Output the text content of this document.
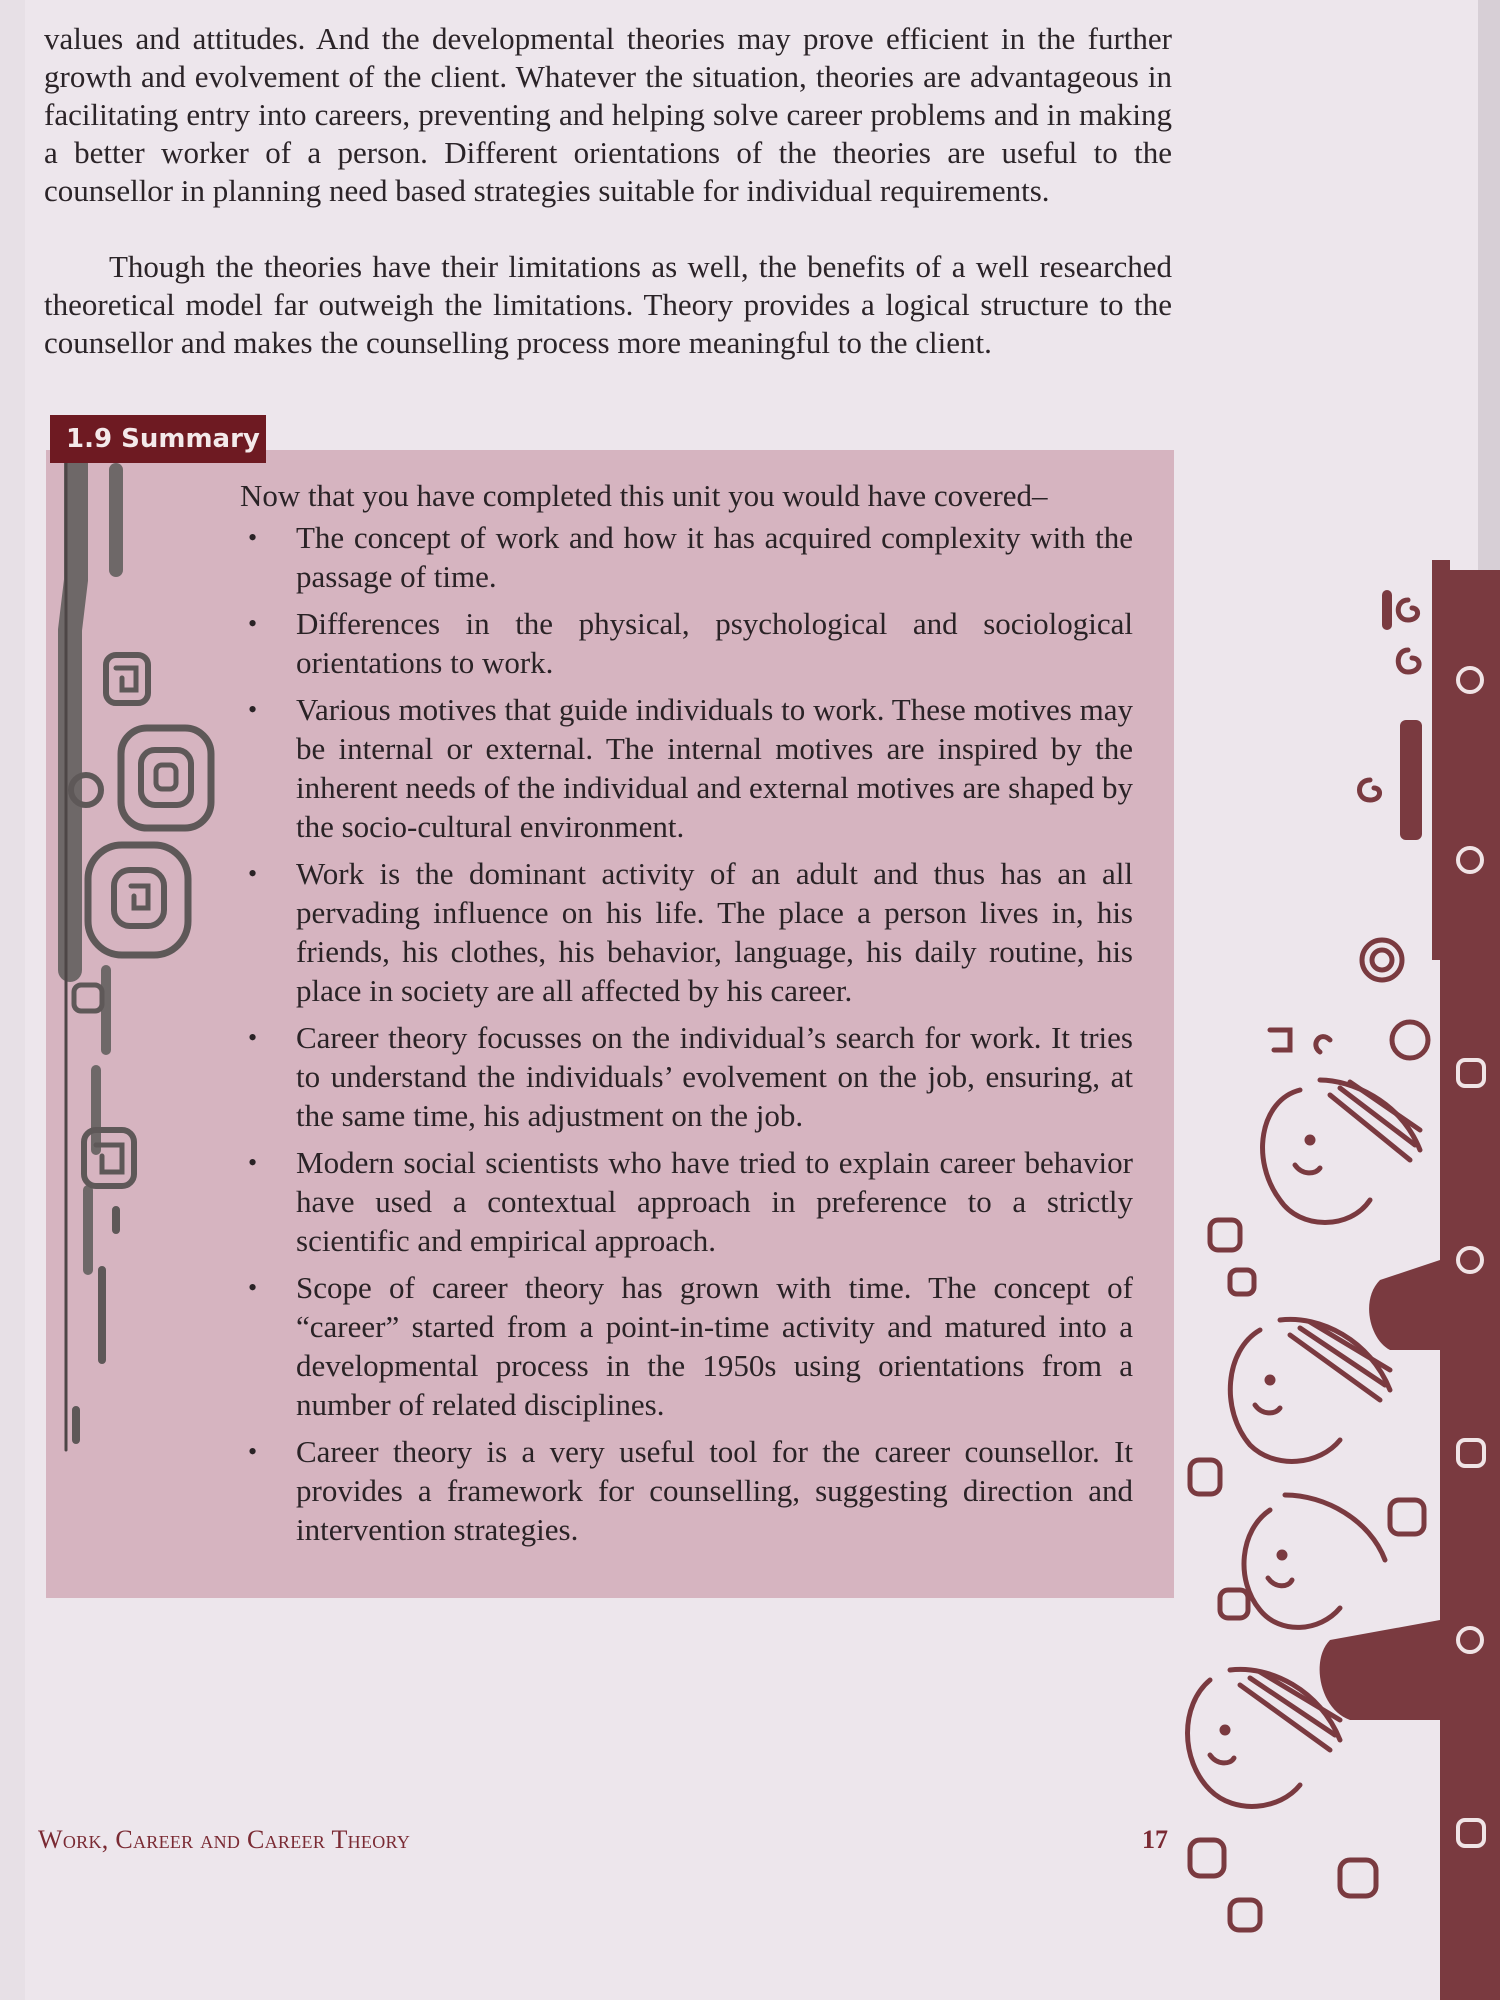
values and attitudes. And the developmental theories may prove efficient in the further growth and evolvement of the client. Whatever the situation, theories are advantageous in facilitating entry into careers, preventing and helping solve career problems and in making a better worker of a person. Different orientations of the theories are useful to the counsellor in planning need based strategies suitable for individual requirements.

Though the theories have their limitations as well, the benefits of a well researched theoretical model far outweigh the limitations. Theory provides a logical structure to the counsellor and makes the counselling process more meaningful to the client.

1.9 Summary

Now that you have completed this unit you would have covered–

• The concept of work and how it has acquired complexity with the passage of time.
• Differences in the physical, psychological and sociological orientations to work.
• Various motives that guide individuals to work. These motives may be internal or external. The internal motives are inspired by the inherent needs of the individual and external motives are shaped by the socio-cultural environment.
• Work is the dominant activity of an adult and thus has an all pervading influence on his life. The place a person lives in, his friends, his clothes, his behavior, language, his daily routine, his place in society are all affected by his career.
• Career theory focusses on the individual’s search for work. It tries to understand the individuals’ evolvement on the job, ensuring, at the same time, his adjustment on the job.
• Modern social scientists who have tried to explain career behavior have used a contextual approach in preference to a strictly scientific and empirical approach.
• Scope of career theory has grown with time. The concept of “career” started from a point-in-time activity and matured into a developmental process in the 1950s using orientations from a number of related disciplines.
• Career theory is a very useful tool for the career counsellor. It provides a framework for counselling, suggesting direction and intervention strategies.
Work, Career and Career Theory	17
